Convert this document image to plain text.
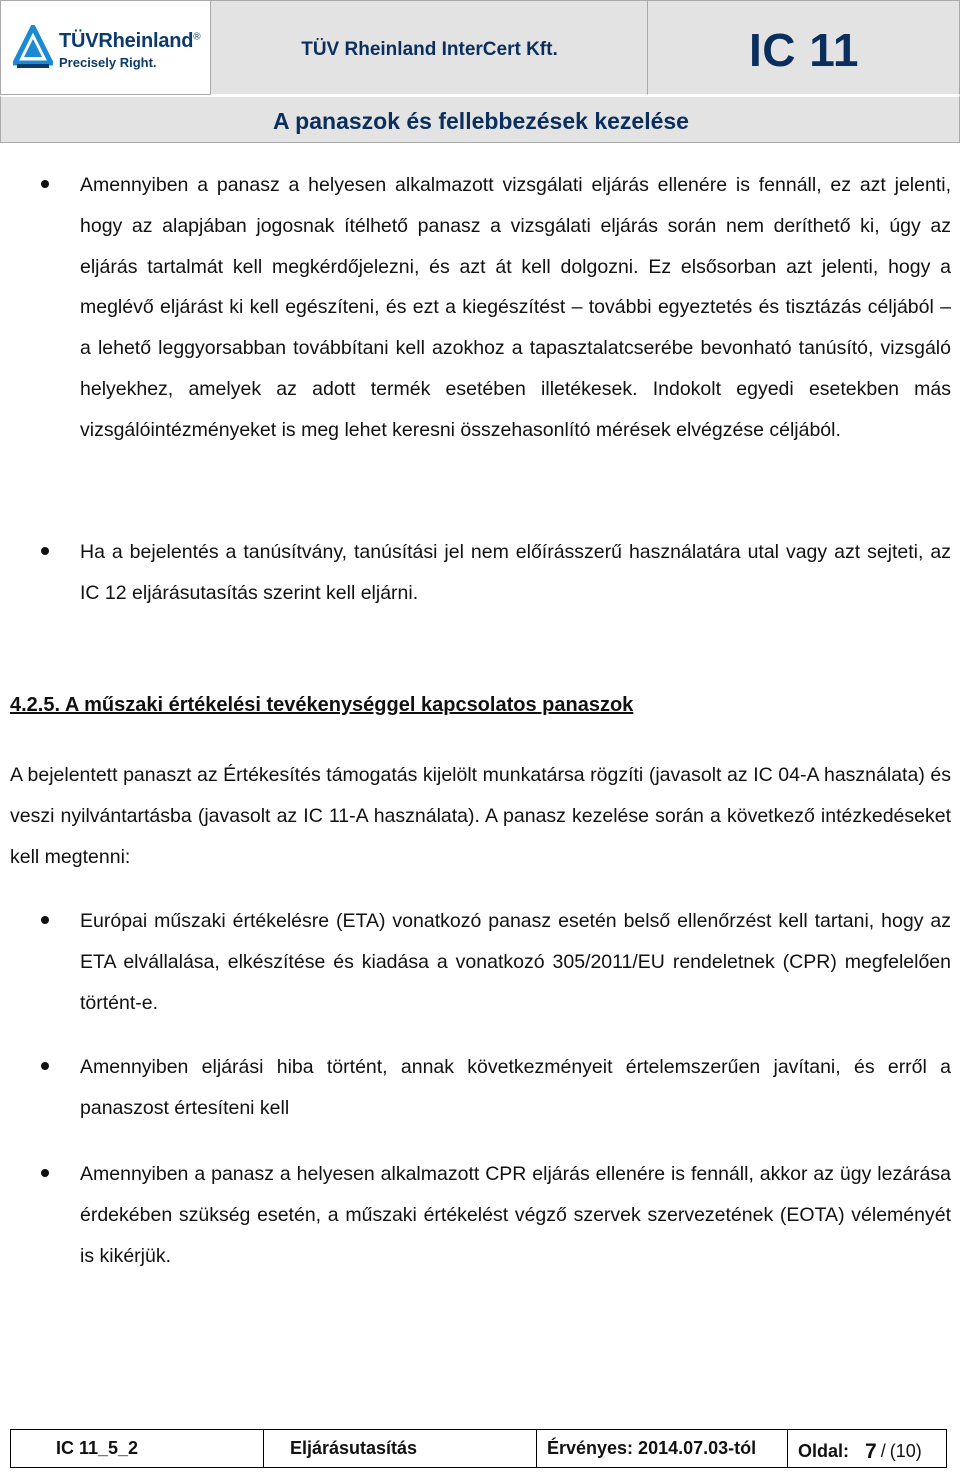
TÜVRheinland®
Precisely Right.
TÜV Rheinland InterCert Kft.	IC 11
A panaszok és fellebbezések kezelése
Amennyiben a panasz a helyesen alkalmazott vizsgálati eljárás ellenére is fennáll, ez azt jelenti, hogy az alapjában jogosnak ítélhető panasz a vizsgálati eljárás során nem deríthető ki, úgy az eljárás tartalmát kell megkérdőjelezni, és azt át kell dolgozni. Ez elsősorban azt jelenti, hogy a meglévő eljárást ki kell egészíteni, és ezt a kiegészítést – további egyeztetés és tisztázás céljából – a lehető leggyorsabban továbbítani kell azokhoz a tapasztalatcserébe bevonható tanúsító, vizsgáló helyekhez, amelyek az adott termék esetében illetékesek. Indokolt egyedi esetekben más vizsgálóintézményeket is meg lehet keresni összehasonlító mérések elvégzése céljából.
Ha a bejelentés a tanúsítvány, tanúsítási jel nem előírásszerű használatára utal vagy azt sejteti, az IC 12 eljárásutasítás szerint kell eljárni.
4.2.5. A műszaki értékelési tevékenységgel kapcsolatos panaszok
A bejelentett panaszt az Értékesítés támogatás kijelölt munkatársa rögzíti (javasolt az IC 04-A használata) és veszi nyilvántartásba (javasolt az IC 11-A használata). A panasz kezelése során a következő intézkedéseket kell megtenni:
Európai műszaki értékelésre (ETA) vonatkozó panasz esetén belső ellenőrzést kell tartani, hogy az ETA elvállalása, elkészítése és kiadása a vonatkozó 305/2011/EU rendeletnek (CPR) megfelelően történt-e.
Amennyiben eljárási hiba történt, annak következményeit értelemszerűen javítani, és erről a panaszost értesíteni kell
Amennyiben a panasz a helyesen alkalmazott CPR eljárás ellenére is fennáll, akkor az ügy lezárása érdekében szükség esetén, a műszaki értékelést végző szervek szervezetének (EOTA) véleményét is kikérjük.
IC 11_5_2	Eljárásutasítás	Érvényes: 2014.07.03-tól	Oldal: 7 / (10)
